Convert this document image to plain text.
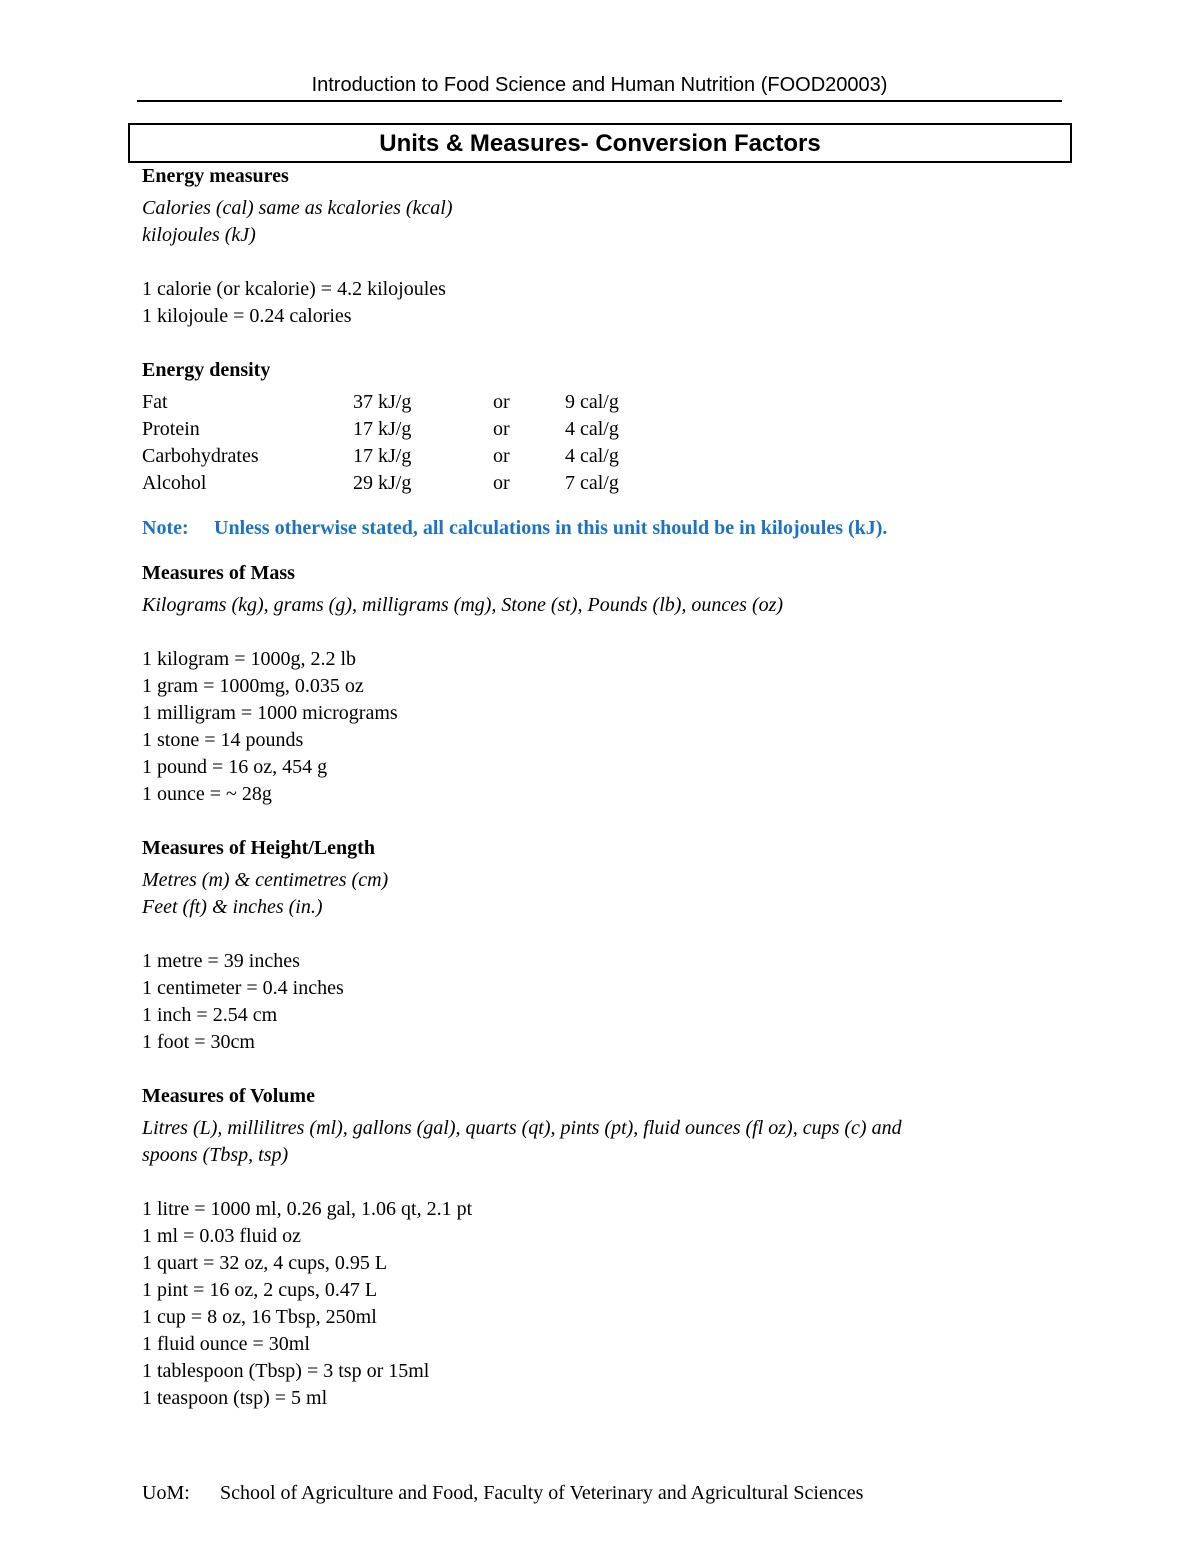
Introduction to Food Science and Human Nutrition (FOOD20003)
Units & Measures- Conversion Factors
Energy measures
Calories (cal) same as kcalories (kcal)
kilojoules (kJ)
1 calorie (or kcalorie) = 4.2 kilojoules
1 kilojoule = 0.24 calories
Energy density
Fat	37 kJ/g	or	9 cal/g
Protein	17 kJ/g	or	4 cal/g
Carbohydrates	17 kJ/g	or	4 cal/g
Alcohol	29 kJ/g	or	7 cal/g
Note: Unless otherwise stated, all calculations in this unit should be in kilojoules (kJ).
Measures of Mass
Kilograms (kg), grams (g), milligrams (mg), Stone (st), Pounds (lb), ounces (oz)
1 kilogram = 1000g, 2.2 lb
1 gram = 1000mg, 0.035 oz
1 milligram = 1000 micrograms
1 stone = 14 pounds
1 pound = 16 oz, 454 g
1 ounce = ~ 28g
Measures of Height/Length
Metres (m) & centimetres (cm)
Feet (ft) & inches (in.)
1 metre = 39 inches
1 centimeter = 0.4 inches
1 inch = 2.54 cm
1 foot = 30cm
Measures of Volume
Litres (L), millilitres (ml), gallons (gal), quarts (qt), pints (pt), fluid ounces (fl oz), cups (c) and
spoons (Tbsp, tsp)
1 litre = 1000 ml, 0.26 gal, 1.06 qt, 2.1 pt
1 ml = 0.03 fluid oz
1 quart = 32 oz, 4 cups, 0.95 L
1 pint = 16 oz, 2 cups, 0.47 L
1 cup = 8 oz, 16 Tbsp, 250ml
1 fluid ounce = 30ml
1 tablespoon (Tbsp) = 3 tsp or 15ml
1 teaspoon (tsp) = 5 ml
UoM: School of Agriculture and Food, Faculty of Veterinary and Agricultural Sciences
